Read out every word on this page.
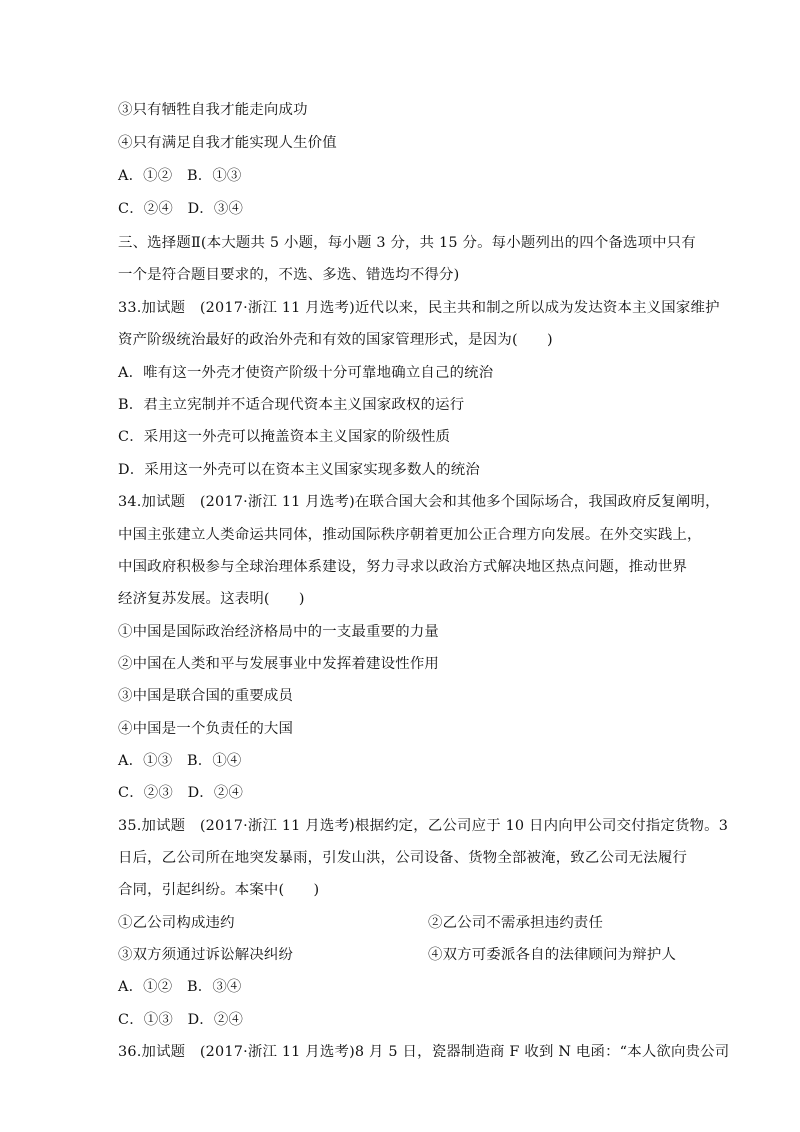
③只有牺牲自我才能走向成功
④只有满足自我才能实现人生价值
A．①②　B．①③
C．②④　D．③④
三、选择题Ⅱ(本大题共 5 小题，每小题 3 分，共 15 分。每小题列出的四个备选项中只有
一个是符合题目要求的，不选、多选、错选均不得分)
33.加试题　(2017·浙江 11 月选考)近代以来，民主共和制之所以成为发达资本主义国家维护
资产阶级统治最好的政治外壳和有效的国家管理形式，是因为(　　)
A．唯有这一外壳才使资产阶级十分可靠地确立自己的统治
B．君主立宪制并不适合现代资本主义国家政权的运行
C．采用这一外壳可以掩盖资本主义国家的阶级性质
D．采用这一外壳可以在资本主义国家实现多数人的统治
34.加试题　(2017·浙江 11 月选考)在联合国大会和其他多个国际场合，我国政府反复阐明，
中国主张建立人类命运共同体，推动国际秩序朝着更加公正合理方向发展。在外交实践上，
中国政府积极参与全球治理体系建设，努力寻求以政治方式解决地区热点问题，推动世界
经济复苏发展。这表明(　　)
①中国是国际政治经济格局中的一支最重要的力量
②中国在人类和平与发展事业中发挥着建设性作用
③中国是联合国的重要成员
④中国是一个负责任的大国
A．①③　B．①④
C．②③　D．②④
35.加试题　(2017·浙江 11 月选考)根据约定，乙公司应于 10 日内向甲公司交付指定货物。3
日后，乙公司所在地突发暴雨，引发山洪，公司设备、货物全部被淹，致乙公司无法履行
合同，引起纠纷。本案中(　　)
①乙公司构成违约	②乙公司不需承担违约责任
③双方须通过诉讼解决纠纷	④双方可委派各自的法律顾问为辩护人
A．①②　B．③④
C．①③　D．②④
36.加试题　(2017·浙江 11 月选考)8 月 5 日，瓷器制造商 F 收到 N 电函：“本人欲向贵公司
